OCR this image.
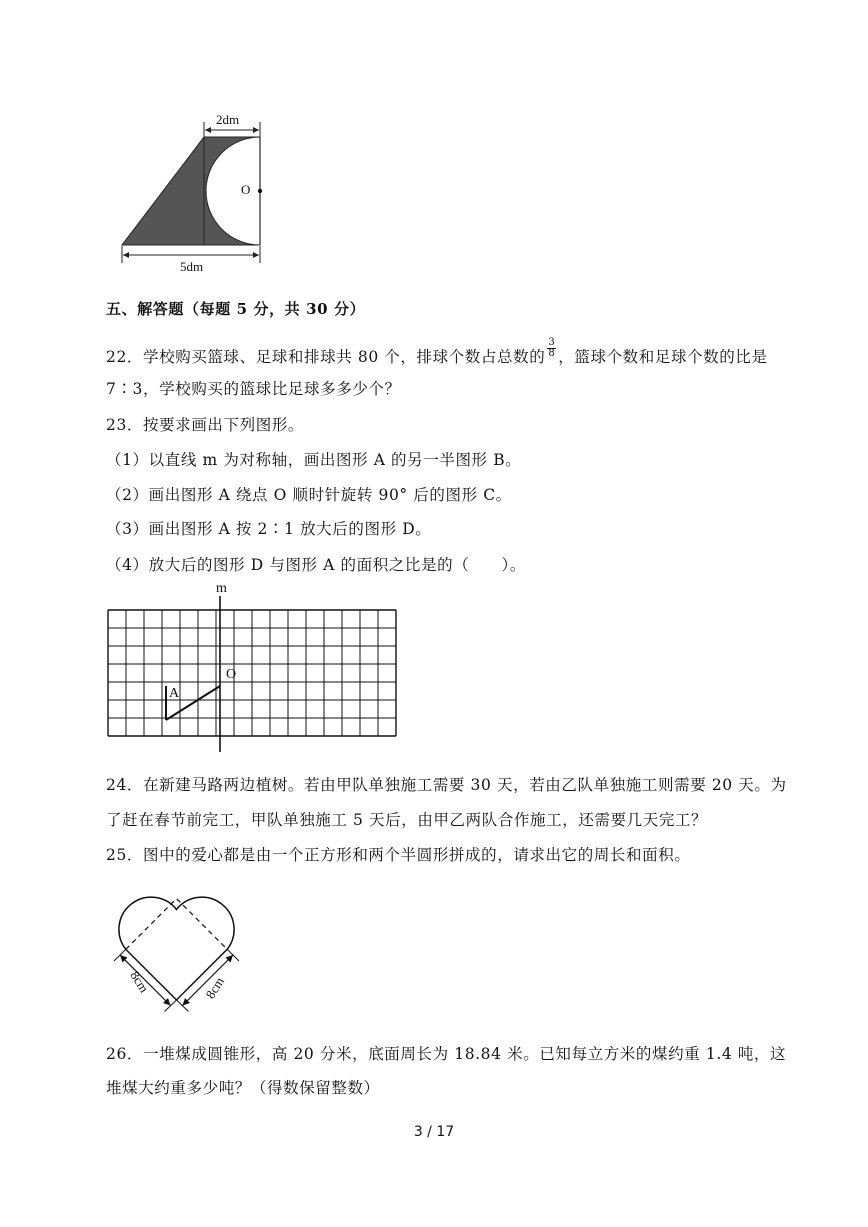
2dm
O
5dm
五、解答题（每题 5 分，共 30 分）
22．学校购买篮球、足球和排球共 80 个，排球个数占总数的 $\frac{3}{8}$ ，篮球个数和足球个数的比是
7∶3，学校购买的篮球比足球多多少个？
23．按要求画出下列图形。
（1）以直线 m 为对称轴，画出图形 A 的另一半图形 B。
（2）画出图形 A 绕点 O 顺时针旋转 90° 后的图形 C。
（3）画出图形 A 按 2∶1 放大后的图形 D。
（4）放大后的图形 D 与图形 A 的面积之比是的（　　）。
m
O
A
24．在新建马路两边植树。若由甲队单独施工需要 30 天，若由乙队单独施工则需要 20 天。为
了赶在春节前完工，甲队单独施工 5 天后，由甲乙两队合作施工，还需要几天完工？
25．图中的爱心都是由一个正方形和两个半圆形拼成的，请求出它的周长和面积。
8cm	8cm
26．一堆煤成圆锥形，高 20 分米，底面周长为 18.84 米。已知每立方米的煤约重 1.4 吨，这
堆煤大约重多少吨？（得数保留整数）
3 / 17
